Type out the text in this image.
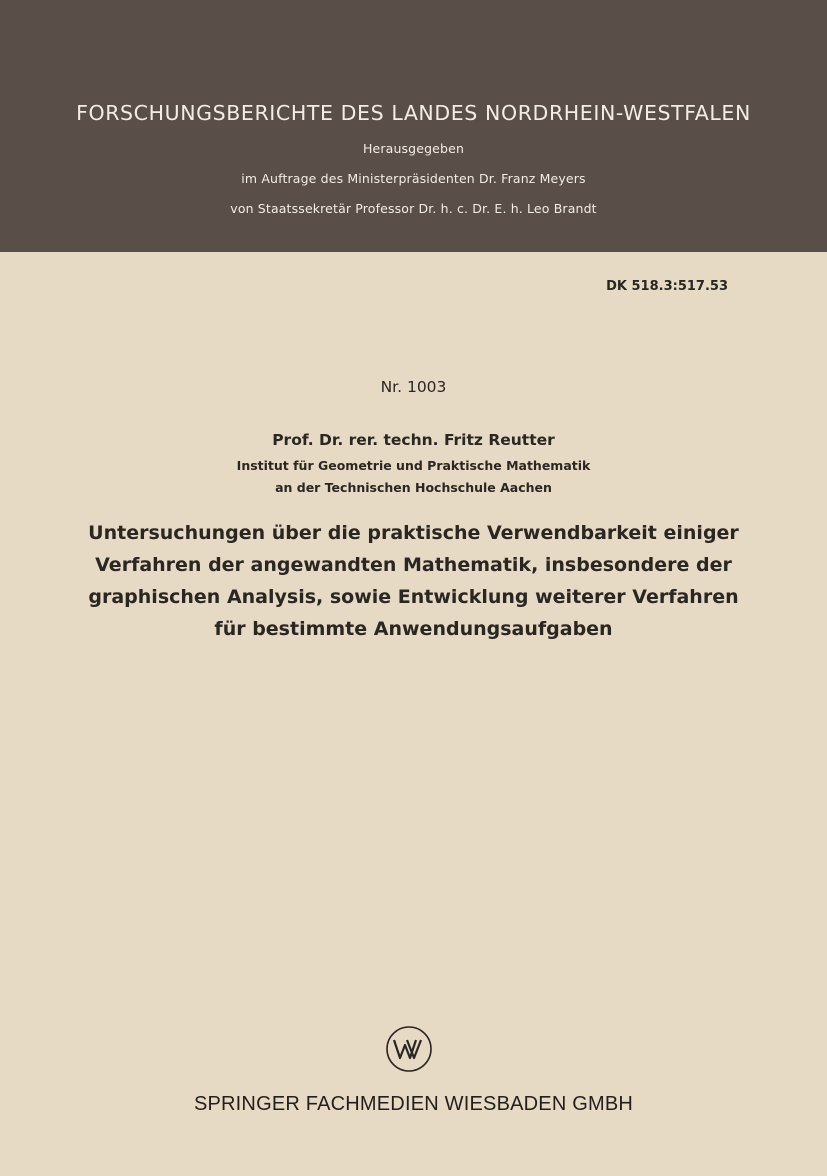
FORSCHUNGSBERICHTE DES LANDES NORDRHEIN-WESTFALEN
Herausgegeben
im Auftrage des Ministerpräsidenten Dr. Franz Meyers
von Staatssekretär Professor Dr. h. c. Dr. E. h. Leo Brandt
DK 518.3:517.53
Nr. 1003
Prof. Dr. rer. techn. Fritz Reutter
Institut für Geometrie und Praktische Mathematik
an der Technischen Hochschule Aachen
Untersuchungen über die praktische Verwendbarkeit einiger
Verfahren der angewandten Mathematik, insbesondere der
graphischen Analysis, sowie Entwicklung weiterer Verfahren
für bestimmte Anwendungsaufgaben
SPRINGER FACHMEDIEN WIESBADEN GMBH
